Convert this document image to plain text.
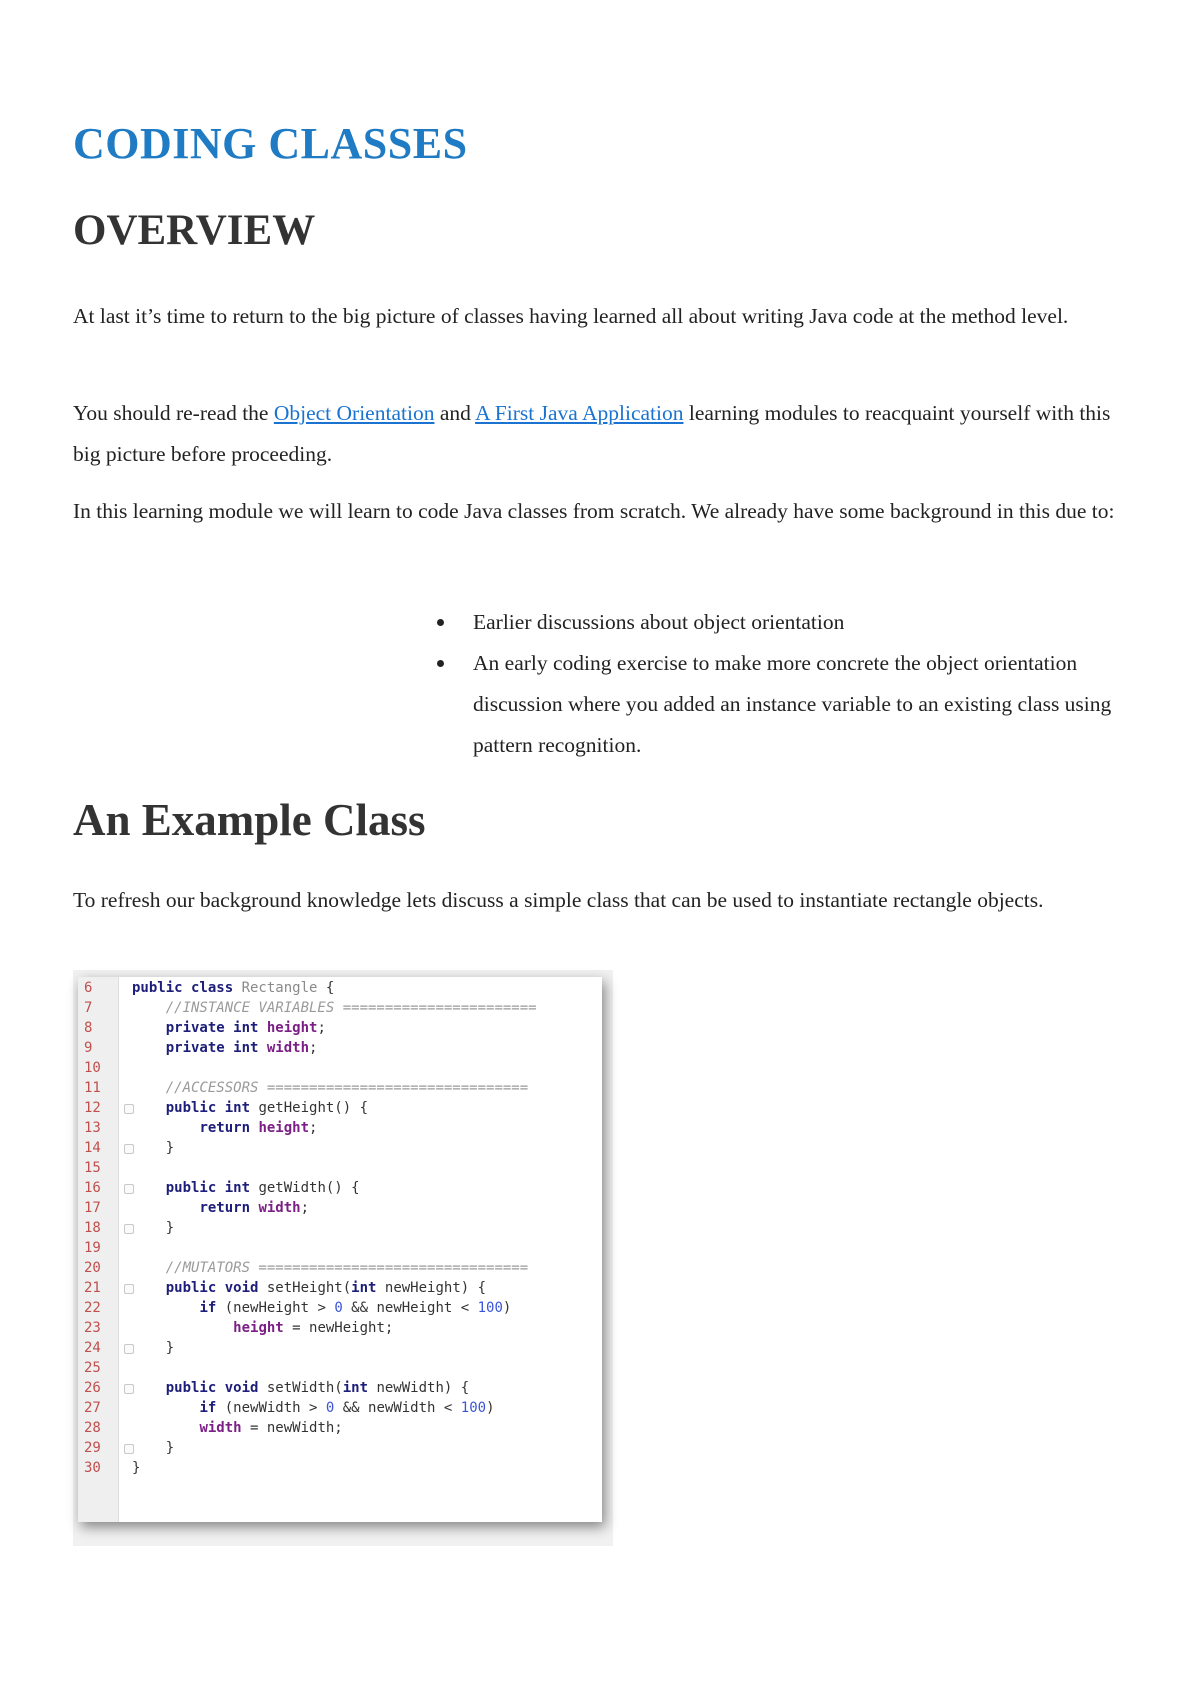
CODING CLASSES
OVERVIEW

At last it’s time to return to the big picture of classes having learned all about writing Java code at the method level.

You should re-read the Object Orientation and A First Java Application learning modules to reacquaint yourself with this big picture before proceeding.

In this learning module we will learn to code Java classes from scratch. We already have some background in this due to:

Earlier discussions about object orientation
An early coding exercise to make more concrete the object orientation discussion where you added an instance variable to an existing class using pattern recognition.
An Example Class

To refresh our background knowledge lets discuss a simple class that can be used to instantiate rectangle objects.

6	public class Rectangle {
7	//INSTANCE VARIABLES =======================
8	private int height;
9	private int width;
10
11	//ACCESSORS ===============================
12	public int getHeight() {
13	return height;
14	}
15
16	public int getWidth() {
17	return width;
18	}
19
20	//MUTATORS ================================
21	public void setHeight(int newHeight) {
22	if (newHeight > 0 && newHeight < 100)
23	height = newHeight;
24	}
25
26	public void setWidth(int newWidth) {
27	if (newWidth > 0 && newWidth < 100)
28	width = newWidth;
29	}
30	}
